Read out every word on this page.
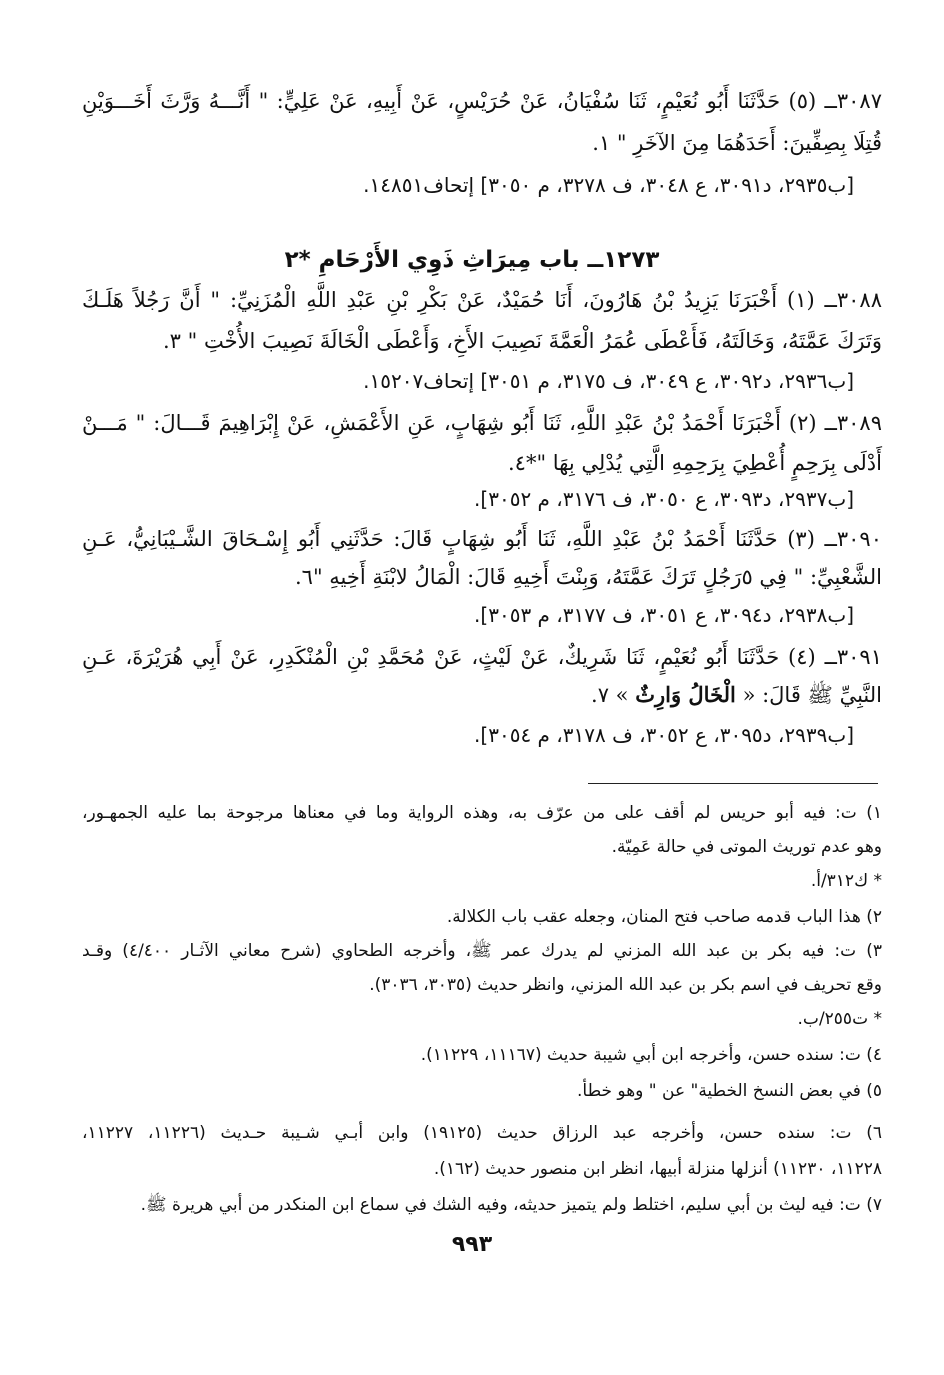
٣٠٨٧ــ (٥) حَدَّثَنَا أَبُو نُعَيْمٍ، ثَنَا سُفْيَانُ، عَنْ حُرَيْسٍ، عَنْ أَبِيهِ، عَنْ عَلِيٍّ: " أَنَّـــهُ وَرَّثَ أَخَـــوَيْنِ
قُتِلَا بِصِفِّينَ: أَحَدَهُمَا مِنَ الآخَرِ " ١.
[ب٢٩٣٥، د٣٠٩١، ع ٣٠٤٨، ف ٣٢٧٨، م ٣٠٥٠] إتحاف١٤٨٥١.
١٢٧٣ــ باب مِيرَاثِ ذَوِي الأَرْحَامِ *٢
٣٠٨٨ــ (١) أَخْبَرَنَا يَزِيدُ بْنُ هَارُونَ، أَنَا حُمَيْدٌ، عَنْ بَكْرِ بْنِ عَبْدِ اللَّهِ الْمُزَنِيِّ: " أَنَّ رَجُلاً هَلَـكَ
وَتَرَكَ عَمَّتَهُ، وَخَالَتَهُ، فَأَعْطَى عُمَرُ الْعَمَّةَ نَصِيبَ الأَخِ، وَأَعْطَى الْخَالَةَ نَصِيبَ الأُخْتِ " ٣.
[ب٢٩٣٦، د٣٠٩٢، ع ٣٠٤٩، ف ٣١٧٥، م ٣٠٥١] إتحاف١٥٢٠٧.
٣٠٨٩ــ (٢) أَخْبَرَنَا أَحْمَدُ بْنُ عَبْدِ اللَّهِ، ثَنَا أَبُو شِهَابٍ، عَنِ الأَعْمَشِ، عَنْ إِبْرَاهِيمَ قَـــالَ: " مَـــنْ
أَدْلَى بِرَحِمٍ أُعْطِيَ بِرَحِمِهِ الَّتِي يُدْلِي بِهَا "*٤.
[ب٢٩٣٧، د٣٠٩٣، ع ٣٠٥٠، ف ٣١٧٦، م ٣٠٥٢].
٣٠٩٠ــ (٣) حَدَّثَنَا أَحْمَدُ بْنُ عَبْدِ اللَّهِ، ثَنَا أَبُو شِهَابٍ قَالَ: حَدَّثَنِي أَبُو إِسْـحَاقَ الشَّـيْبَانِيُّ، عَـنِ
الشَّعْبِيِّ: " فِي ٥رَجُلٍ تَرَكَ عَمَّتَهُ، وَبِنْتَ أَخِيهِ قَالَ: الْمَالُ لابْنَةِ أَخِيهِ "٦.
[ب٢٩٣٨، د٣٠٩٤، ع ٣٠٥١، ف ٣١٧٧، م ٣٠٥٣].
٣٠٩١ــ (٤) حَدَّثَنَا أَبُو نُعَيْمٍ، ثَنَا شَرِيكٌ، عَنْ لَيْثٍ، عَنْ مُحَمَّدِ بْنِ الْمُنْكَدِرِ، عَنْ أَبِي هُرَيْرَةَ، عَـنِ
النَّبِيِّ ﷺ قَالَ: « الْخَالُ وَارِثٌ » ٧.
[ب٢٩٣٩، د٣٠٩٥، ع ٣٠٥٢، ف ٣١٧٨، م ٣٠٥٤].
١) ت: فيه أبو حريس لم أقف على من عرّف به، وهذه الرواية وما في معناها مرجوحة بما عليه الجمهـور،
وهو عدم توريث الموتى في حالة عَمِيّة.
* ك٣١٢/أ.
٢) هذا الباب قدمه صاحب فتح المنان، وجعله عقب باب الكلالة.
٣) ت: فيه بكر بن عبد الله المزني لم يدرك عمر ﷺ، وأخرجه الطحاوي (شرح معاني الآثـار ٤/٤٠٠) وقـد
وقع تحريف في اسم بكر بن عبد الله المزني، وانظر حديث (٣٠٣٥، ٣٠٣٦).
* ت٢٥٥/ب.
٤) ت: سنده حسن، وأخرجه ابن أبي شيبة حديث (١١١٦٧، ١١٢٢٩).
٥) في بعض النسخ الخطية" عن " وهو خطأ.
٦) ت: سنده حسن، وأخرجه عبد الرزاق حديث (١٩١٢٥) وابن أبـي شـيبة حـديث (١١٢٢٦، ١١٢٢٧،
١١٢٢٨، ١١٢٣٠) أنزلها منزلة أبيها، انظر ابن منصور حديث (١٦٢).
٧) ت: فيه ليث بن أبي سليم، اختلط ولم يتميز حديثه، وفيه الشك في سماع ابن المنكدر من أبي هريرة ﷺ.
٩٩٣
